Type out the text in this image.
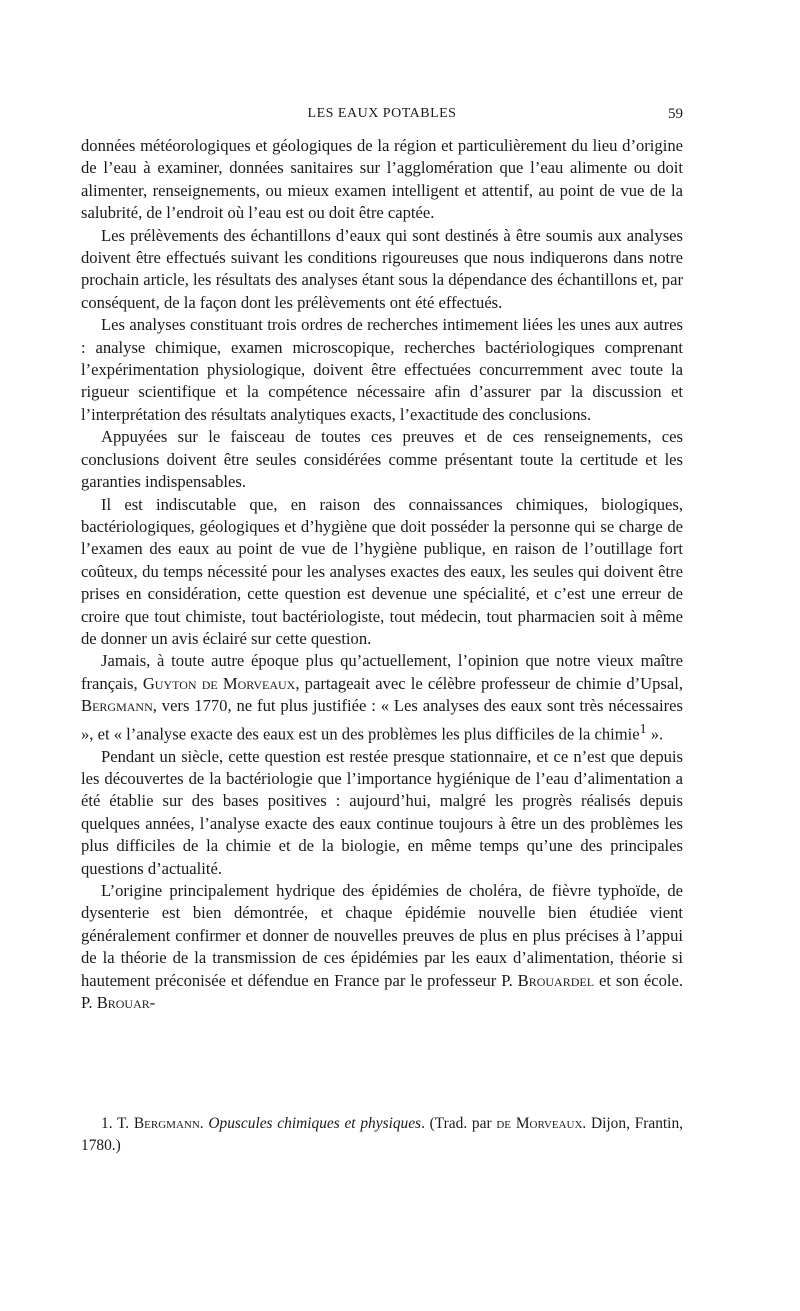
LES EAUX POTABLES	59

données météorologiques et géologiques de la région et particulièrement du lieu d’origine de l’eau à examiner, données sanitaires sur l’agglomération que l’eau alimente ou doit alimenter, renseignements, ou mieux examen intelligent et attentif, au point de vue de la salubrité, de l’endroit où l’eau est ou doit être captée.

Les prélèvements des échantillons d’eaux qui sont destinés à être soumis aux analyses doivent être effectués suivant les conditions rigoureuses que nous indiquerons dans notre prochain article, les résultats des analyses étant sous la dépendance des échantillons et, par conséquent, de la façon dont les prélèvements ont été effectués.

Les analyses constituant trois ordres de recherches intimement liées les unes aux autres : analyse chimique, examen microscopique, recherches bactériologiques comprenant l’expérimentation physiologique, doivent être effectuées concurremment avec toute la rigueur scientifique et la compétence nécessaire afin d’assurer par la discussion et l’interprétation des résultats analytiques exacts, l’exactitude des conclusions.

Appuyées sur le faisceau de toutes ces preuves et de ces renseignements, ces conclusions doivent être seules considérées comme présentant toute la certitude et les garanties indispensables.

Il est indiscutable que, en raison des connaissances chimiques, biologiques, bactériologiques, géologiques et d’hygiène que doit posséder la personne qui se charge de l’examen des eaux au point de vue de l’hygiène publique, en raison de l’outillage fort coûteux, du temps nécessité pour les analyses exactes des eaux, les seules qui doivent être prises en considération, cette question est devenue une spécialité, et c’est une erreur de croire que tout chimiste, tout bactériologiste, tout médecin, tout pharmacien soit à même de donner un avis éclairé sur cette question.

Jamais, à toute autre époque plus qu’actuellement, l’opinion que notre vieux maître français, Guyton de Morveaux, partageait avec le célèbre professeur de chimie d’Upsal, Bergmann, vers 1770, ne fut plus justifiée : « Les analyses des eaux sont très nécessaires », et « l’analyse exacte des eaux est un des problèmes les plus difficiles de la chimie$^1$ ».

Pendant un siècle, cette question est restée presque stationnaire, et ce n’est que depuis les découvertes de la bactériologie que l’importance hygiénique de l’eau d’alimentation a été établie sur des bases positives : aujourd’hui, malgré les progrès réalisés depuis quelques années, l’analyse exacte des eaux continue toujours à être un des problèmes les plus difficiles de la chimie et de la biologie, en même temps qu’une des principales questions d’actualité.

L’origine principalement hydrique des épidémies de choléra, de fièvre typhoïde, de dysenterie est bien démontrée, et chaque épidémie nouvelle bien étudiée vient généralement confirmer et donner de nouvelles preuves de plus en plus précises à l’appui de la théorie de la transmission de ces épidémies par les eaux d’alimentation, théorie si hautement préconisée et défendue en France par le professeur P. Brouardel et son école. P. Brouar-

1. T. Bergmann. Opuscules chimiques et physiques. (Trad. par de Morveaux. Dijon, Frantin, 1780.)
